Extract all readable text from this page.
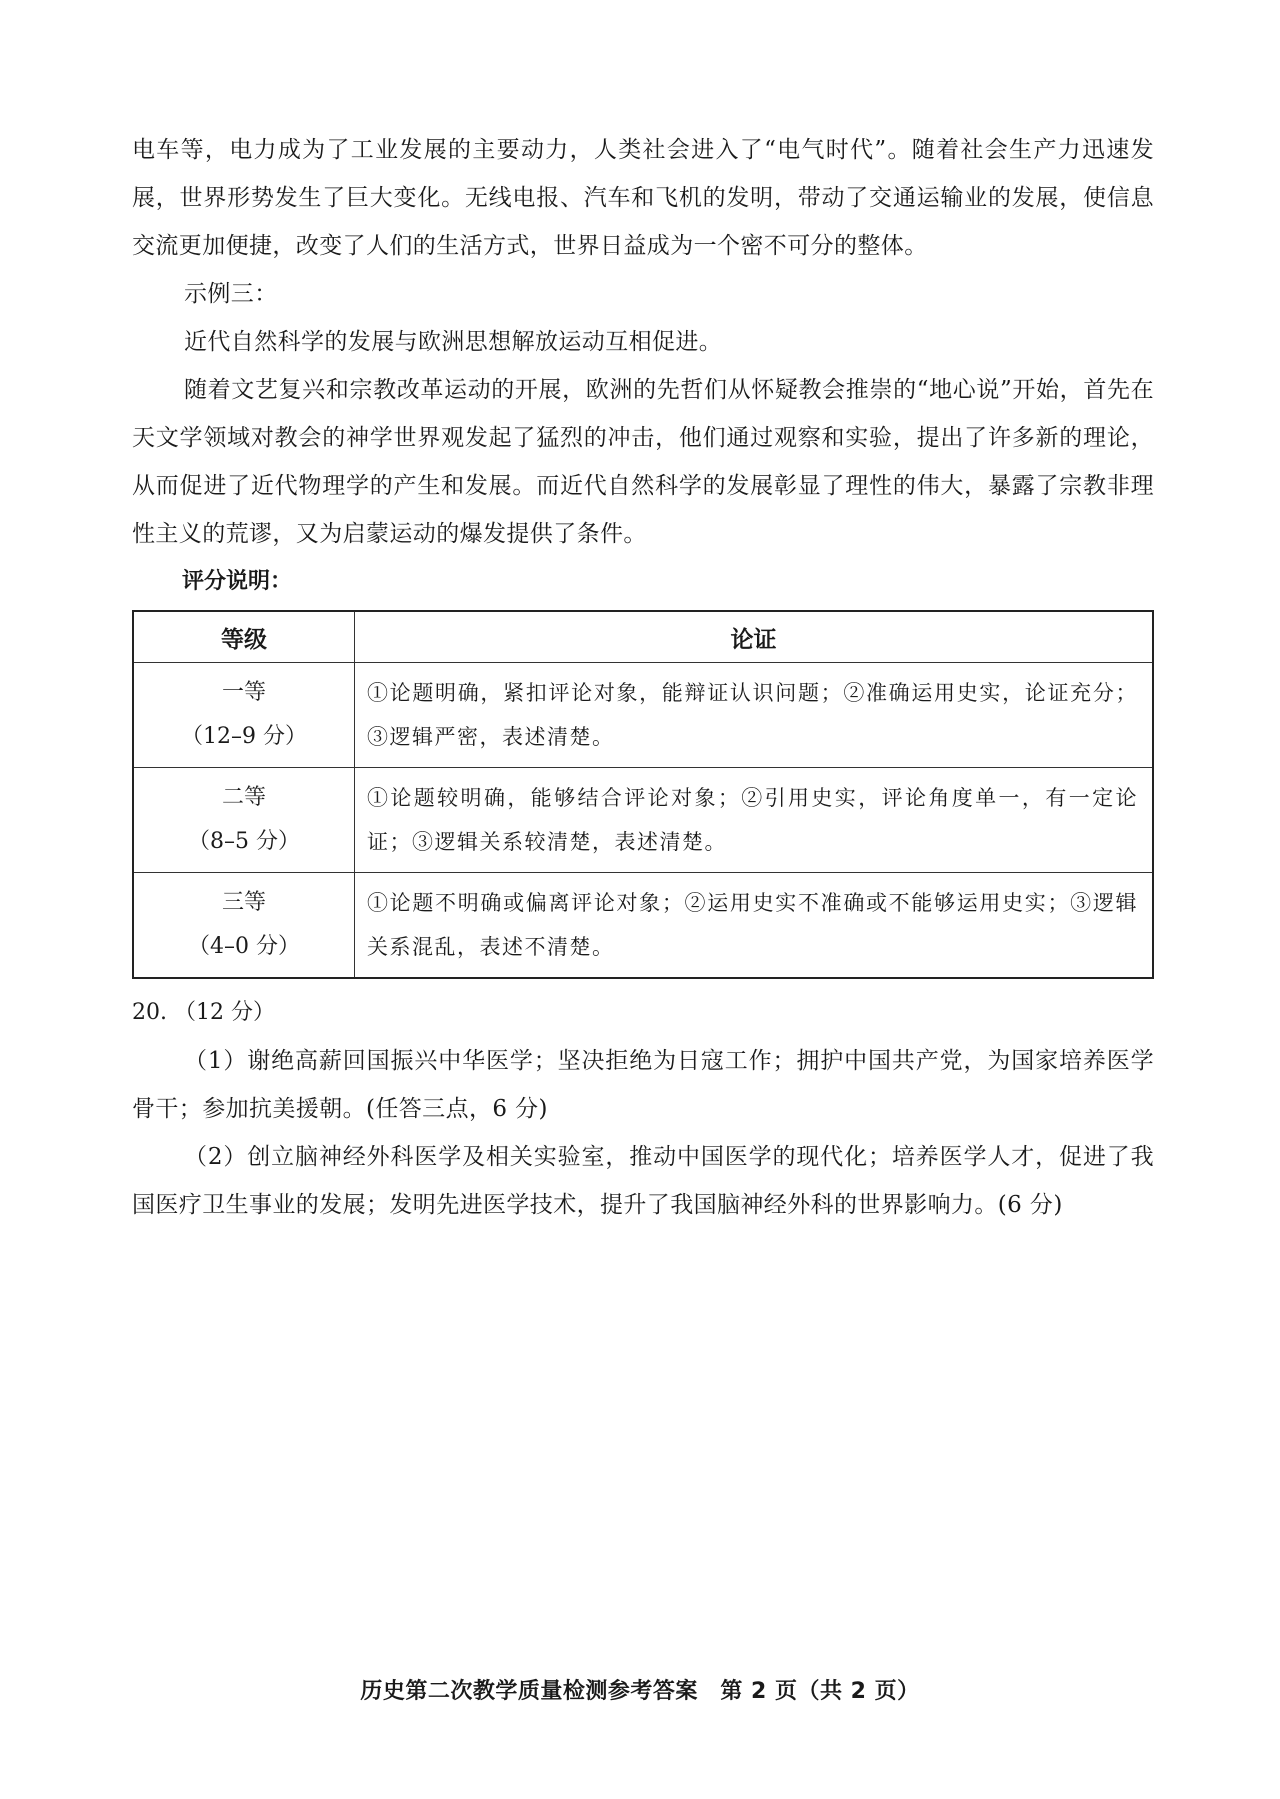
电车等，电力成为了工业发展的主要动力，人类社会进入了“电气时代”。随着社会生产力迅速发展，世界形势发生了巨大变化。无线电报、汽车和飞机的发明，带动了交通运输业的发展，使信息交流更加便捷，改变了人们的生活方式，世界日益成为一个密不可分的整体。

示例三：

近代自然科学的发展与欧洲思想解放运动互相促进。

随着文艺复兴和宗教改革运动的开展，欧洲的先哲们从怀疑教会推崇的“地心说”开始，首先在天文学领域对教会的神学世界观发起了猛烈的冲击，他们通过观察和实验，提出了许多新的理论，从而促进了近代物理学的产生和发展。而近代自然科学的发展彰显了理性的伟大，暴露了宗教非理性主义的荒谬，又为启蒙运动的爆发提供了条件。

评分说明：

等级	论证

一等
（12–9 分）	①论题明确，紧扣评论对象，能辩证认识问题；②准确运用史实，论证充分；③逻辑严密，表述清楚。

二等
（8–5 分）	①论题较明确，能够结合评论对象；②引用史实，评论角度单一，有一定论证；③逻辑关系较清楚，表述清楚。

三等
（4–0 分）	①论题不明确或偏离评论对象；②运用史实不准确或不能够运用史实；③逻辑关系混乱，表述不清楚。

20. （12 分）

（1）谢绝高薪回国振兴中华医学；坚决拒绝为日寇工作；拥护中国共产党，为国家培养医学骨干；参加抗美援朝。(任答三点，6 分)

（2）创立脑神经外科医学及相关实验室，推动中国医学的现代化；培养医学人才，促进了我国医疗卫生事业的发展；发明先进医学技术，提升了我国脑神经外科的世界影响力。(6 分)

历史第二次教学质量检测参考答案　第 2 页（共 2 页）
